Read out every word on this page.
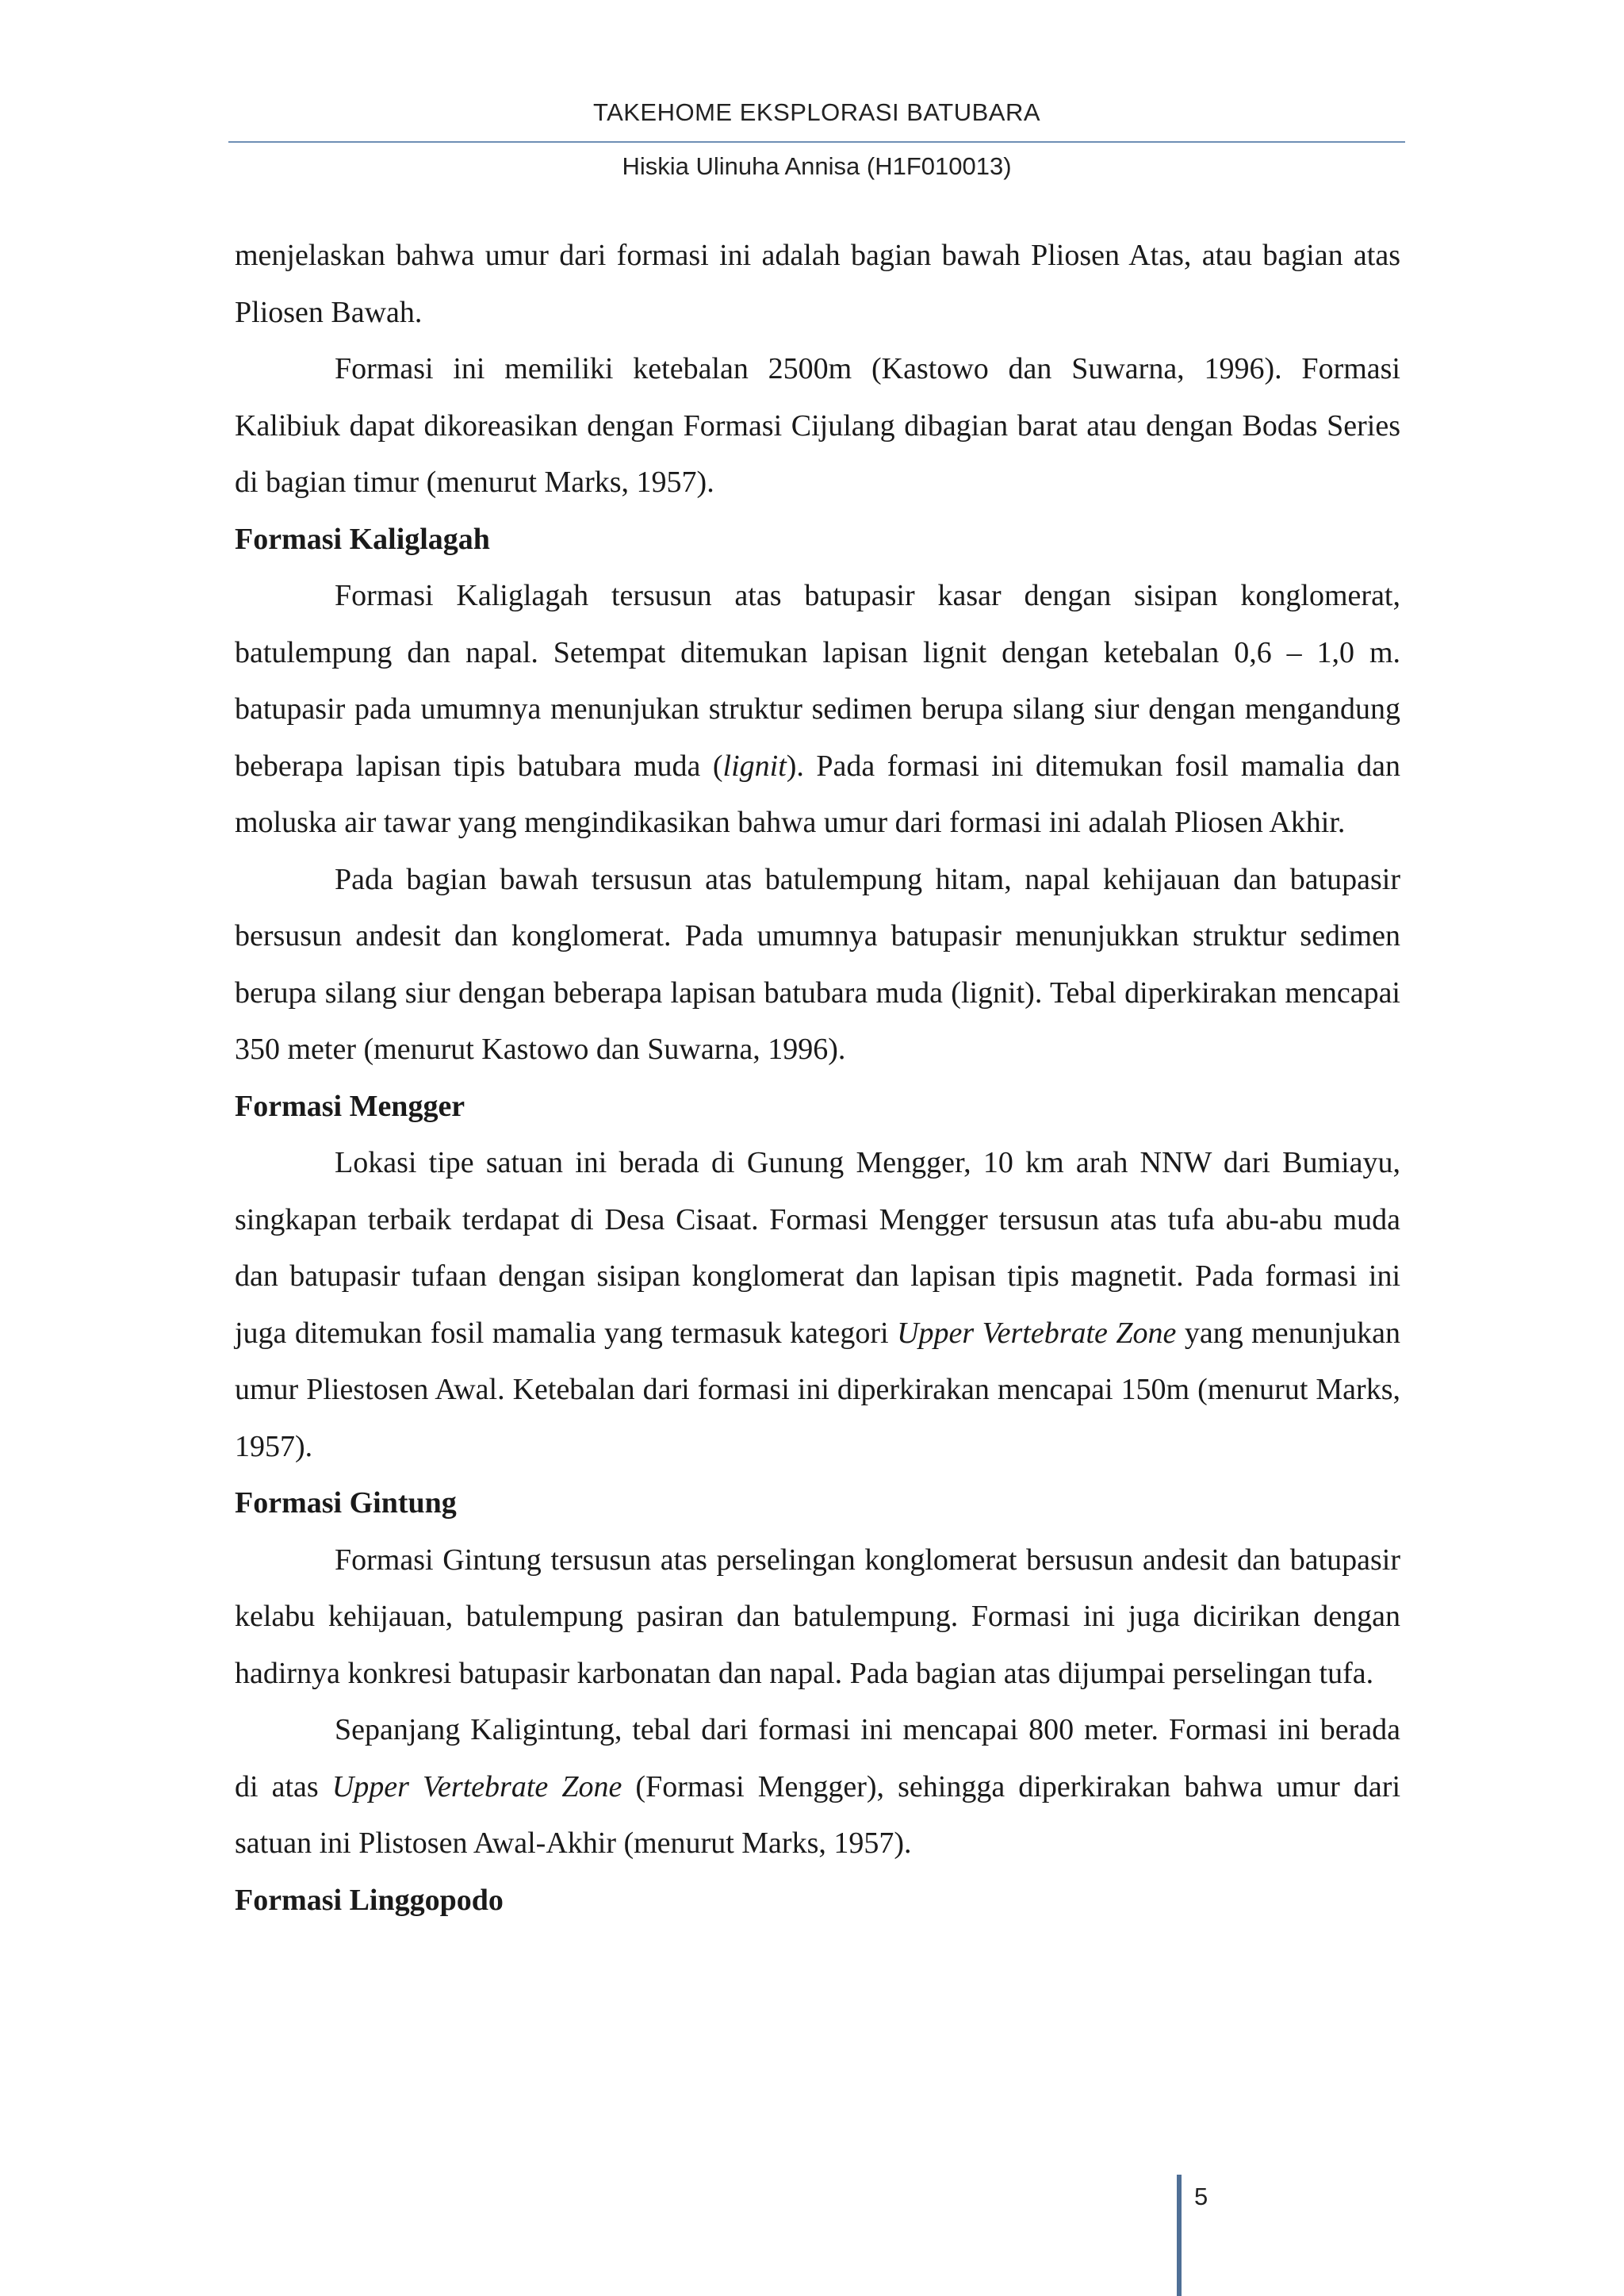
TAKEHOME EKSPLORASI BATUBARA
Hiskia Ulinuha Annisa (H1F010013)

menjelaskan bahwa umur dari formasi ini adalah bagian bawah Pliosen Atas, atau bagian atas Pliosen Bawah.

Formasi ini memiliki ketebalan 2500m (Kastowo dan Suwarna, 1996). Formasi Kalibiuk dapat dikoreasikan dengan Formasi Cijulang dibagian barat atau dengan Bodas Series di bagian timur (menurut Marks, 1957).

Formasi Kaliglagah

Formasi Kaliglagah tersusun atas batupasir kasar dengan sisipan konglomerat, batulempung dan napal. Setempat ditemukan lapisan lignit dengan ketebalan 0,6 – 1,0 m. batupasir pada umumnya menunjukan struktur sedimen berupa silang siur dengan mengandung beberapa lapisan tipis batubara muda (lignit). Pada formasi ini ditemukan fosil mamalia dan moluska air tawar yang mengindikasikan bahwa umur dari formasi ini adalah Pliosen Akhir.

Pada bagian bawah tersusun atas batulempung hitam, napal kehijauan dan batupasir bersusun andesit dan konglomerat. Pada umumnya batupasir menunjukkan struktur sedimen berupa silang siur dengan beberapa lapisan batubara muda (lignit). Tebal diperkirakan mencapai 350 meter (menurut Kastowo dan Suwarna, 1996).

Formasi Mengger

Lokasi tipe satuan ini berada di Gunung Mengger, 10 km arah NNW dari Bumiayu, singkapan terbaik terdapat di Desa Cisaat. Formasi Mengger tersusun atas tufa abu-abu muda dan batupasir tufaan dengan sisipan konglomerat dan lapisan tipis magnetit. Pada formasi ini juga ditemukan fosil mamalia yang termasuk kategori Upper Vertebrate Zone yang menunjukan umur Pliestosen Awal. Ketebalan dari formasi ini diperkirakan mencapai 150m (menurut Marks, 1957).

Formasi Gintung

Formasi Gintung tersusun atas perselingan konglomerat bersusun andesit dan batupasir kelabu kehijauan, batulempung pasiran dan batulempung. Formasi ini juga dicirikan dengan hadirnya konkresi batupasir karbonatan dan napal. Pada bagian atas dijumpai perselingan tufa.

Sepanjang Kaligintung, tebal dari formasi ini mencapai 800 meter. Formasi ini berada di atas Upper Vertebrate Zone (Formasi Mengger), sehingga diperkirakan bahwa umur dari satuan ini Plistosen Awal-Akhir (menurut Marks, 1957).

Formasi Linggopodo
5
